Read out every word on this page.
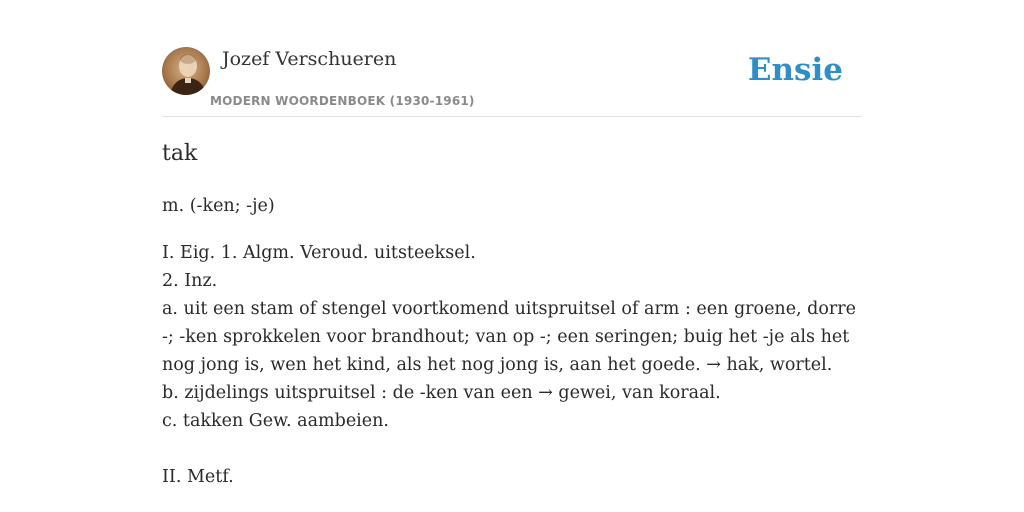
Jozef Verschueren
MODERN WOORDENBOEK (1930-1961)
Ensie
tak
m. (-ken; -je)
I. Eig. 1. Algm. Veroud. uitsteeksel.
2. Inz.
a. uit een stam of stengel voortkomend uitspruitsel of arm : een groene, dorre -; -ken sprokkelen voor brandhout; van op -; een seringen; buig het -je als het nog jong is, wen het kind, als het nog jong is, aan het goede. → hak, wortel.
b. zijdelings uitspruitsel : de -ken van een → gewei, van koraal.
c. takken Gew. aambeien.
II. Metf.
